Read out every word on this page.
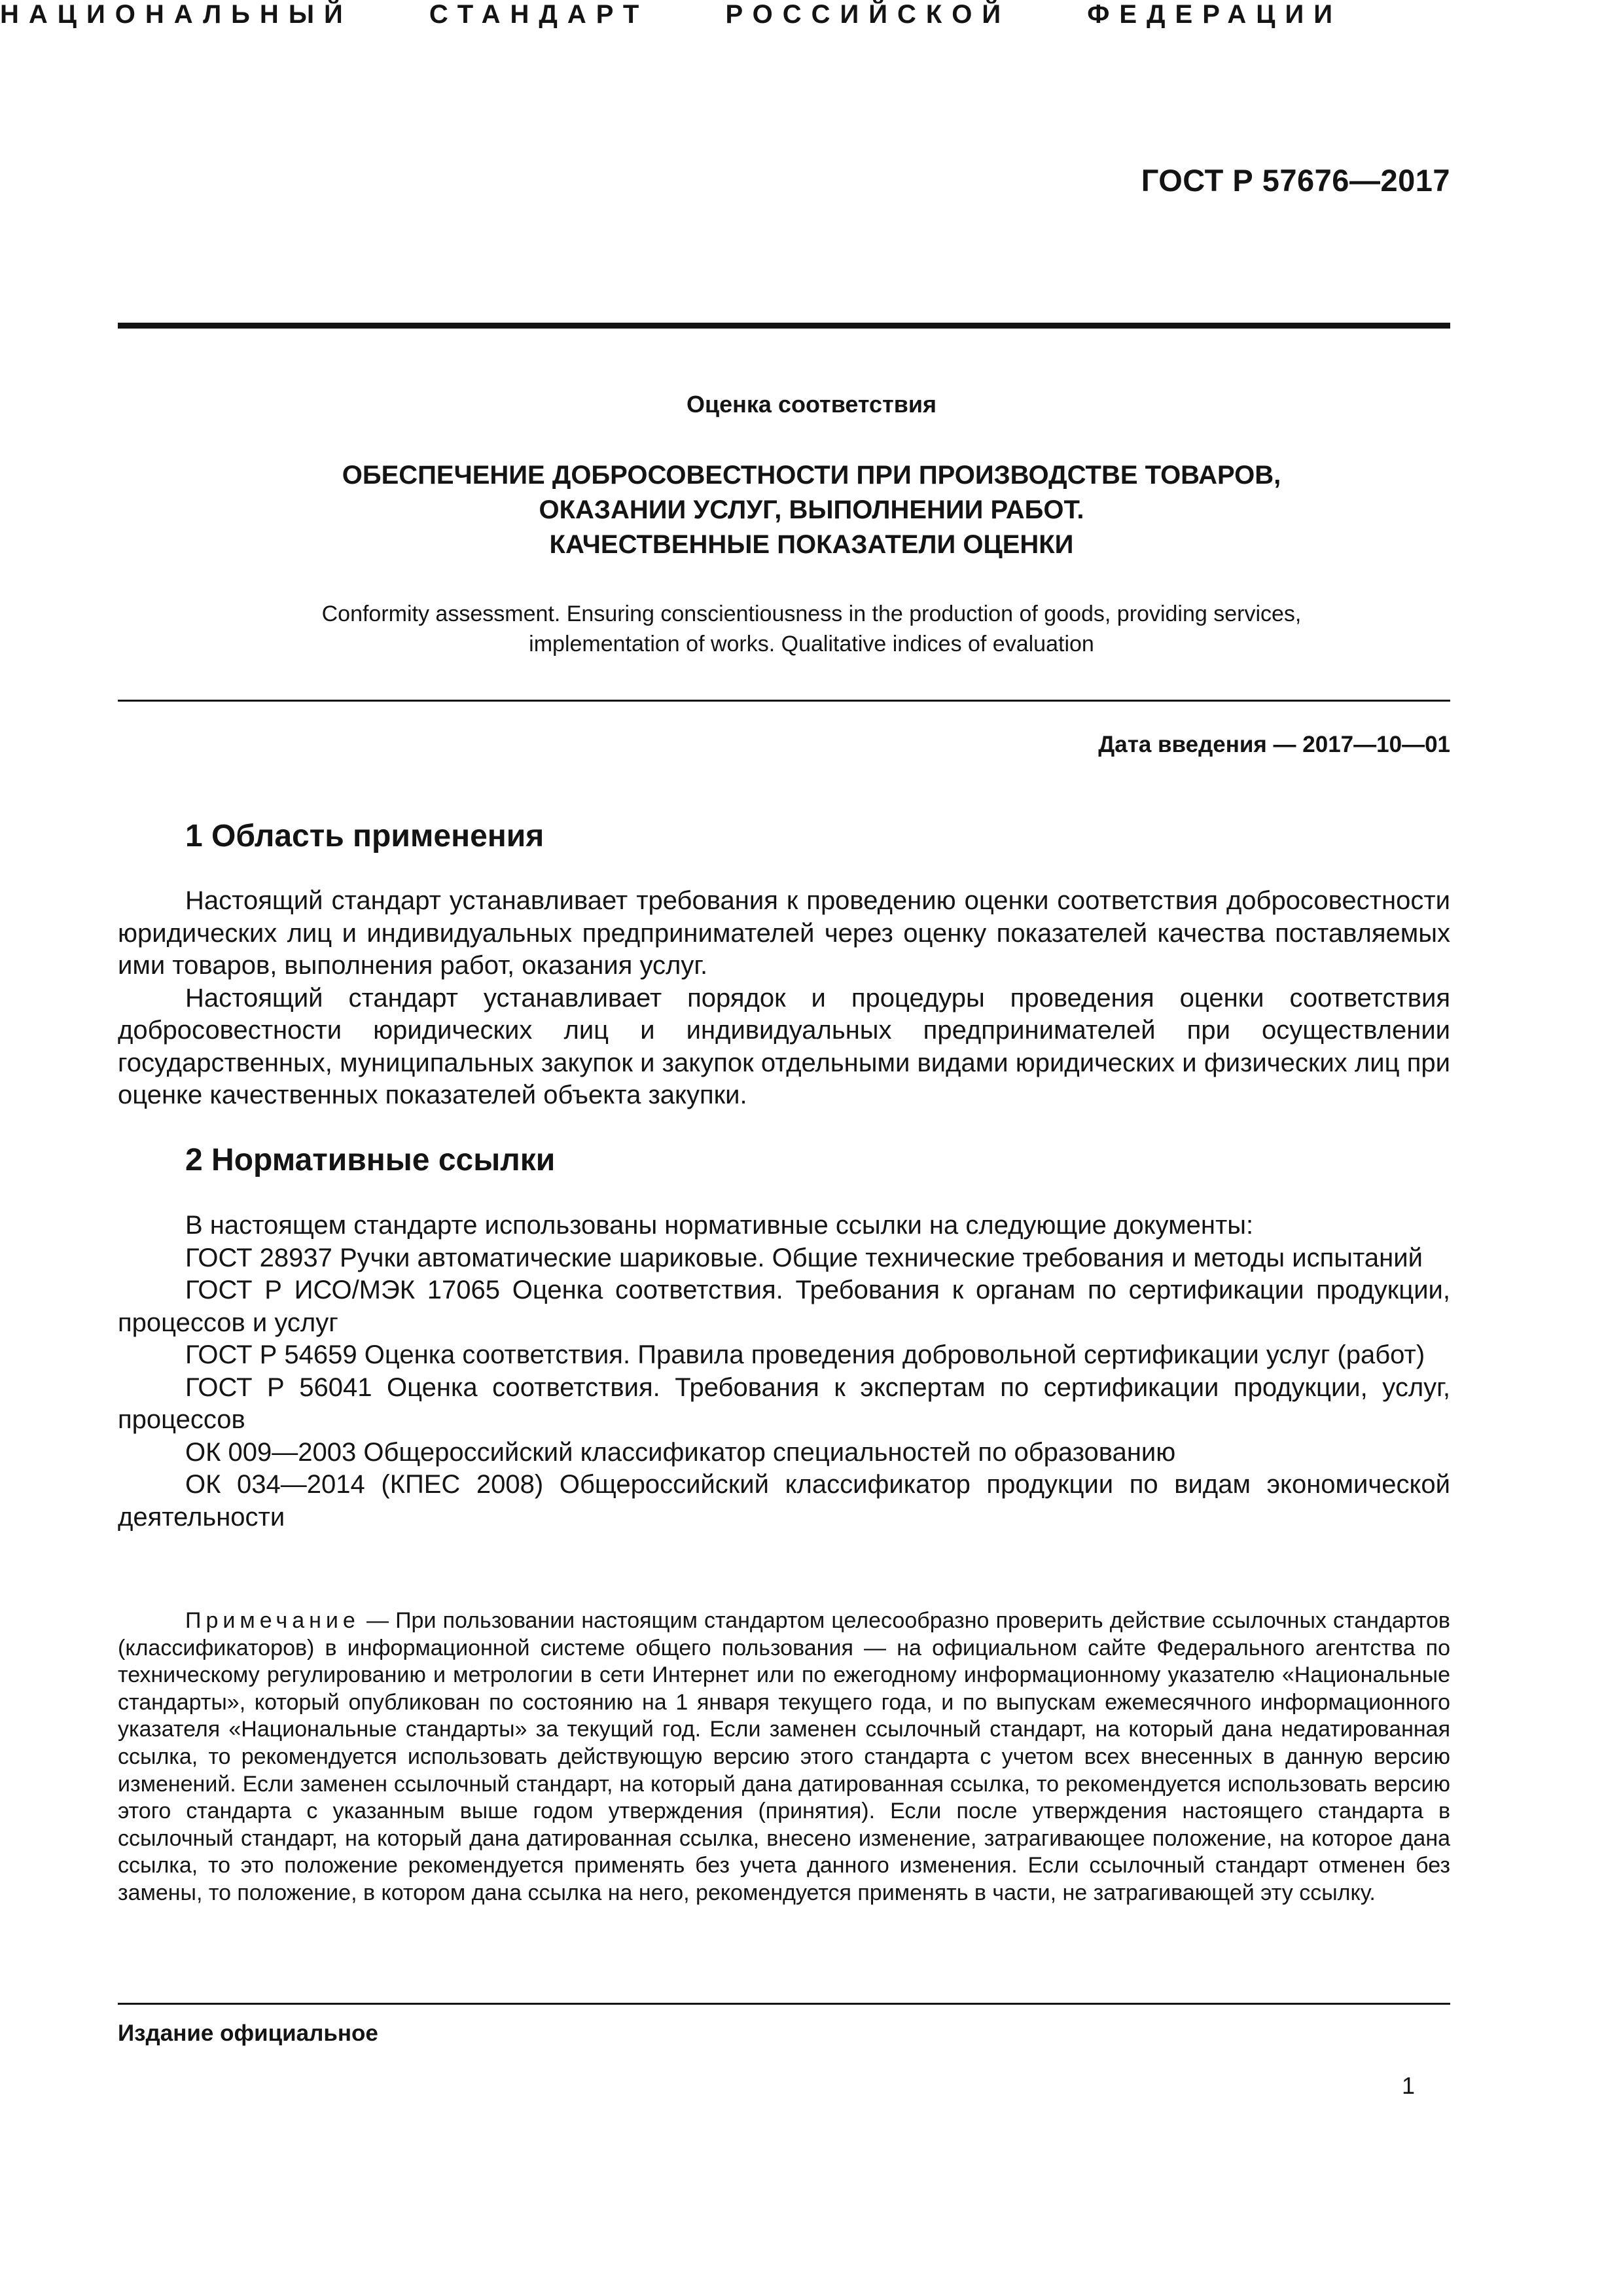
ГОСТ Р 57676—2017
НАЦИОНАЛЬНЫЙ	СТАНДАРТ	РОССИЙСКОЙ	ФЕДЕРАЦИИ
Оценка соответствия
ОБЕСПЕЧЕНИЕ ДОБРОСОВЕСТНОСТИ ПРИ ПРОИЗВОДСТВЕ ТОВАРОВ,
ОКАЗАНИИ УСЛУГ, ВЫПОЛНЕНИИ РАБОТ.
КАЧЕСТВЕННЫЕ ПОКАЗАТЕЛИ ОЦЕНКИ
Conformity assessment. Ensuring conscientiousness in the production of goods, providing services,
implementation of works. Qualitative indices of evaluation
Дата введения — 2017—10—01
1 Область применения

Настоящий стандарт устанавливает требования к проведению оценки соответствия добросовестности юридических лиц и индивидуальных предпринимателей через оценку показателей качества поставляемых ими товаров, выполнения работ, оказания услуг.

Настоящий стандарт устанавливает порядок и процедуры проведения оценки соответствия добросовестности юридических лиц и индивидуальных предпринимателей при осуществлении государственных, муниципальных закупок и закупок отдельными видами юридических и физических лиц при оценке качественных показателей объекта закупки.

2 Нормативные ссылки

В настоящем стандарте использованы нормативные ссылки на следующие документы:

ГОСТ 28937 Ручки автоматические шариковые. Общие технические требования и методы испытаний

ГОСТ Р ИСО/МЭК 17065 Оценка соответствия. Требования к органам по сертификации продукции, процессов и услуг

ГОСТ Р 54659 Оценка соответствия. Правила проведения добровольной сертификации услуг (работ)

ГОСТ Р 56041 Оценка соответствия. Требования к экспертам по сертификации продукции, услуг, процессов

ОК 009—2003 Общероссийский классификатор специальностей по образованию

ОК 034—2014 (КПЕС 2008) Общероссийский классификатор продукции по видам экономической деятельности

Примечание — При пользовании настоящим стандартом целесообразно проверить действие ссылочных стандартов (классификаторов) в информационной системе общего пользования — на официальном сайте Федерального агентства по техническому регулированию и метрологии в сети Интернет или по ежегодному информационному указателю «Национальные стандарты», который опубликован по состоянию на 1 января текущего года, и по выпускам ежемесячного информационного указателя «Национальные стандарты» за текущий год. Если заменен ссылочный стандарт, на который дана недатированная ссылка, то рекомендуется использовать действующую версию этого стандарта с учетом всех внесенных в данную версию изменений. Если заменен ссылочный стандарт, на который дана датированная ссылка, то рекомендуется использовать версию этого стандарта с указанным выше годом утверждения (принятия). Если после утверждения настоящего стандарта в ссылочный стандарт, на который дана датированная ссылка, внесено изменение, затрагивающее положение, на которое дана ссылка, то это положение рекомендуется применять без учета данного изменения. Если ссылочный стандарт отменен без замены, то положение, в котором дана ссылка на него, рекомендуется применять в части, не затрагивающей эту ссылку.
Издание официальное
1
